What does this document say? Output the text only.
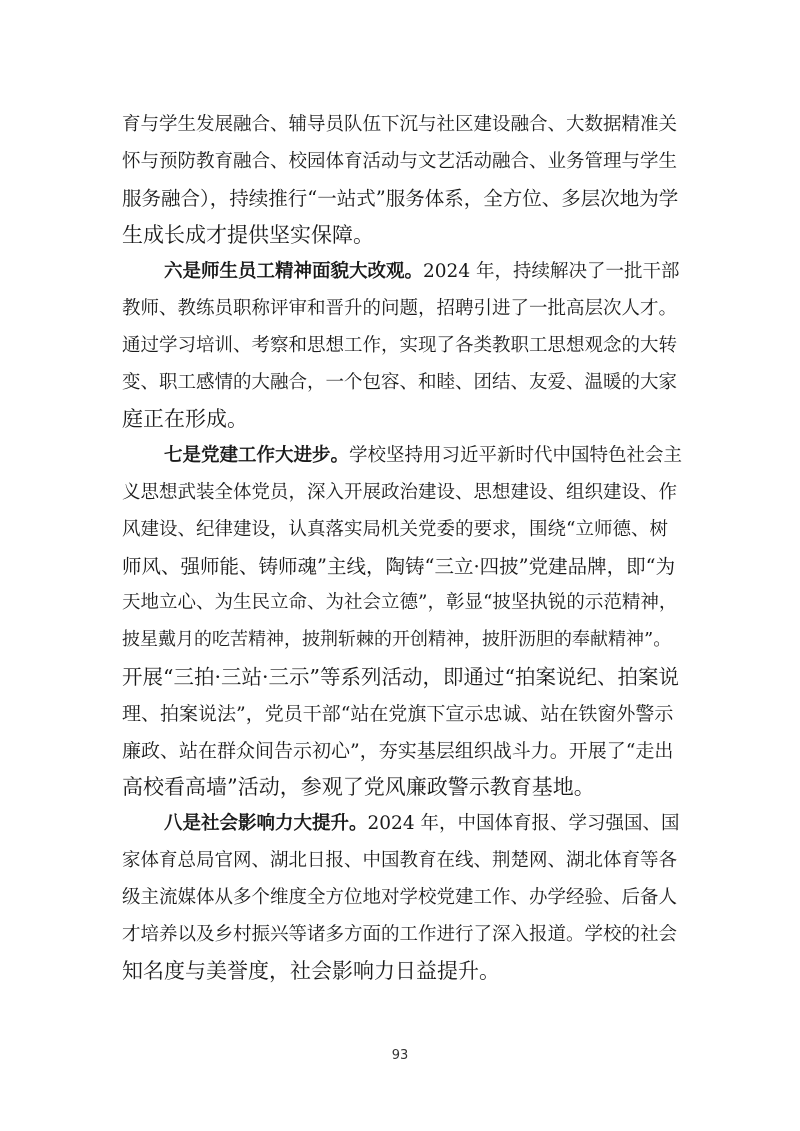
育与学生发展融合、辅导员队伍下沉与社区建设融合、大数据精准关
怀与预防教育融合、校园体育活动与文艺活动融合、业务管理与学生
服务融合），持续推行“一站式”服务体系，全方位、多层次地为学
生成长成才提供坚实保障。
六是师生员工精神面貌大改观。2024 年，持续解决了一批干部
教师、教练员职称评审和晋升的问题，招聘引进了一批高层次人才。
通过学习培训、考察和思想工作，实现了各类教职工思想观念的大转
变、职工感情的大融合，一个包容、和睦、团结、友爱、温暖的大家
庭正在形成。
七是党建工作大进步。学校坚持用习近平新时代中国特色社会主
义思想武装全体党员，深入开展政治建设、思想建设、组织建设、作
风建设、纪律建设，认真落实局机关党委的要求，围绕“立师德、树
师风、强师能、铸师魂”主线，陶铸“三立·四披”党建品牌，即“为
天地立心、为生民立命、为社会立德”，彰显“披坚执锐的示范精神，
披星戴月的吃苦精神，披荆斩棘的开创精神，披肝沥胆的奉献精神”。
开展“三拍·三站·三示”等系列活动，即通过“拍案说纪、拍案说
理、拍案说法”，党员干部“站在党旗下宣示忠诚、站在铁窗外警示
廉政、站在群众间告示初心”，夯实基层组织战斗力。开展了“走出
高校看高墙”活动，参观了党风廉政警示教育基地。
八是社会影响力大提升。2024 年，中国体育报、学习强国、国
家体育总局官网、湖北日报、中国教育在线、荆楚网、湖北体育等各
级主流媒体从多个维度全方位地对学校党建工作、办学经验、后备人
才培养以及乡村振兴等诸多方面的工作进行了深入报道。学校的社会
知名度与美誉度，社会影响力日益提升。
93
